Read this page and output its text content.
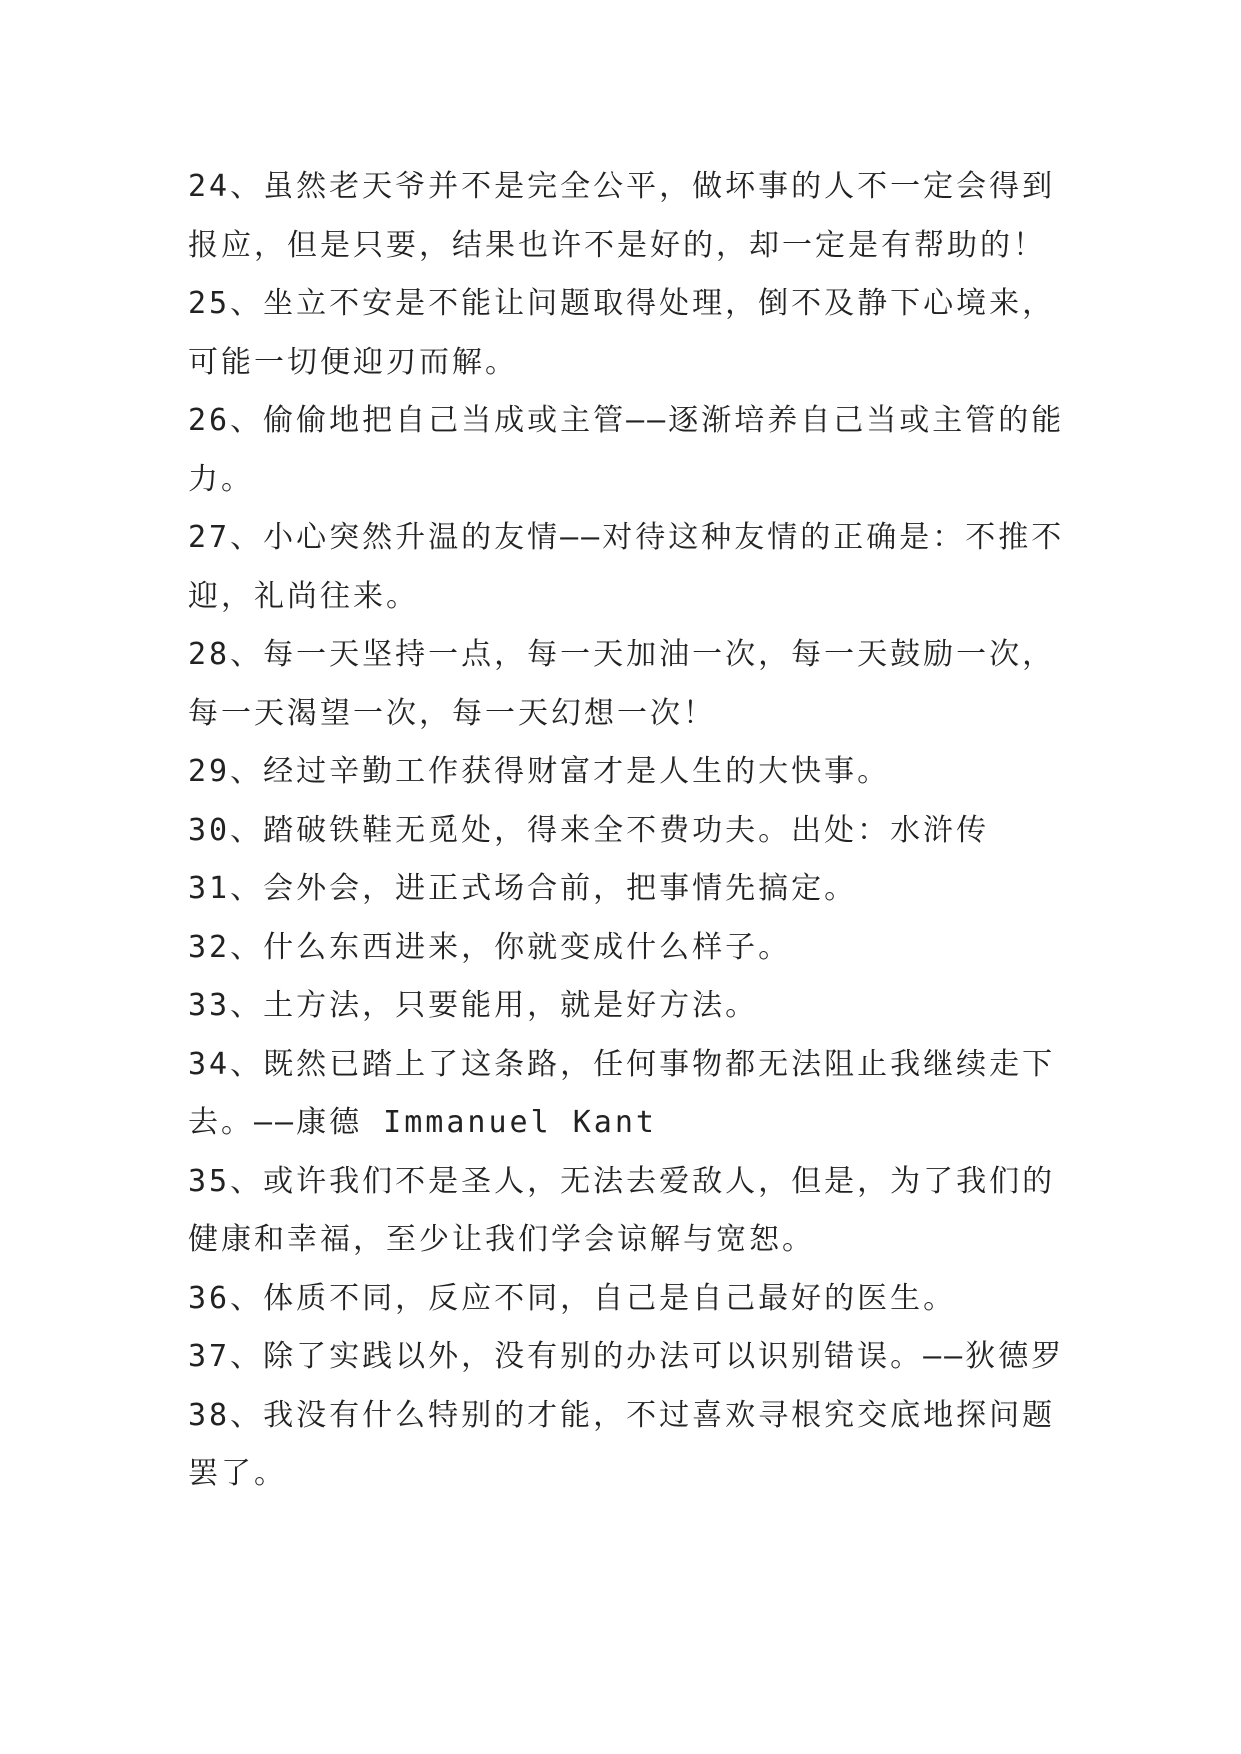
24、虽然老天爷并不是完全公平，做坏事的人不一定会得到报应，但是只要，结果也许不是好的，却一定是有帮助的！

25、坐立不安是不能让问题取得处理，倒不及静下心境来，可能一切便迎刃而解。

26、偷偷地把自己当成或主管——逐渐培养自己当或主管的能力。

27、小心突然升温的友情——对待这种友情的正确是：不推不迎，礼尚往来。

28、每一天坚持一点，每一天加油一次，每一天鼓励一次，每一天渴望一次，每一天幻想一次！

29、经过辛勤工作获得财富才是人生的大快事。

30、踏破铁鞋无觅处，得来全不费功夫。出处：水浒传

31、会外会，进正式场合前，把事情先搞定。

32、什么东西进来，你就变成什么样子。

33、土方法，只要能用，就是好方法。

34、既然已踏上了这条路，任何事物都无法阻止我继续走下去。——康德 Immanuel Kant

35、或许我们不是圣人，无法去爱敌人，但是，为了我们的健康和幸福，至少让我们学会谅解与宽恕。

36、体质不同，反应不同，自己是自己最好的医生。

37、除了实践以外，没有别的办法可以识别错误。——狄德罗

38、我没有什么特别的才能，不过喜欢寻根究交底地探问题罢了。
